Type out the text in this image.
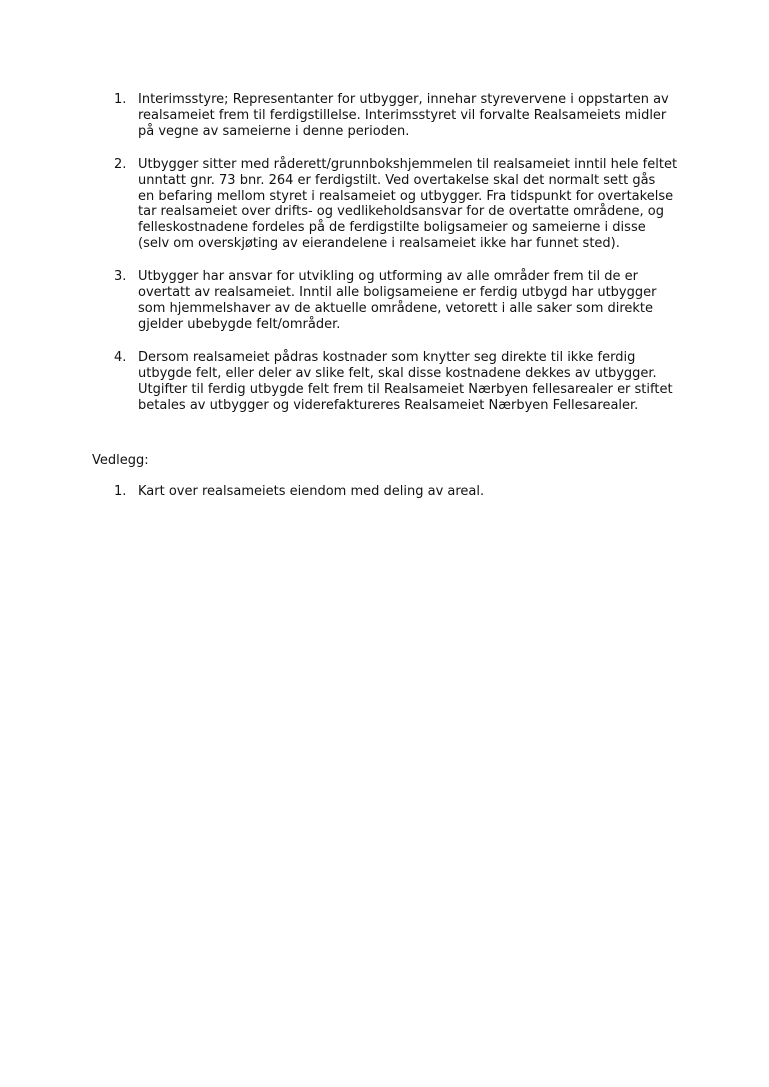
1. Interimsstyre; Representanter for utbygger, innehar styrevervene i oppstarten av
realsameiet frem til ferdigstillelse. Interimsstyret vil forvalte Realsameiets midler
på vegne av sameierne i denne perioden.
2. Utbygger sitter med råderett/grunnbokshjemmelen til realsameiet inntil hele feltet
unntatt gnr. 73 bnr. 264 er ferdigstilt. Ved overtakelse skal det normalt sett gås
en befaring mellom styret i realsameiet og utbygger. Fra tidspunkt for overtakelse
tar realsameiet over drifts- og vedlikeholdsansvar for de overtatte områdene, og
felleskostnadene fordeles på de ferdigstilte boligsameier og sameierne i disse
(selv om overskjøting av eierandelene i realsameiet ikke har funnet sted).
3. Utbygger har ansvar for utvikling og utforming av alle områder frem til de er
overtatt av realsameiet. Inntil alle boligsameiene er ferdig utbygd har utbygger
som hjemmelshaver av de aktuelle områdene, vetorett i alle saker som direkte
gjelder ubebygde felt/områder.
4. Dersom realsameiet pådras kostnader som knytter seg direkte til ikke ferdig
utbygde felt, eller deler av slike felt, skal disse kostnadene dekkes av utbygger.
Utgifter til ferdig utbygde felt frem til Realsameiet Nærbyen fellesarealer er stiftet
betales av utbygger og viderefaktureres Realsameiet Nærbyen Fellesarealer.

Vedlegg:

1. Kart over realsameiets eiendom med deling av areal.
